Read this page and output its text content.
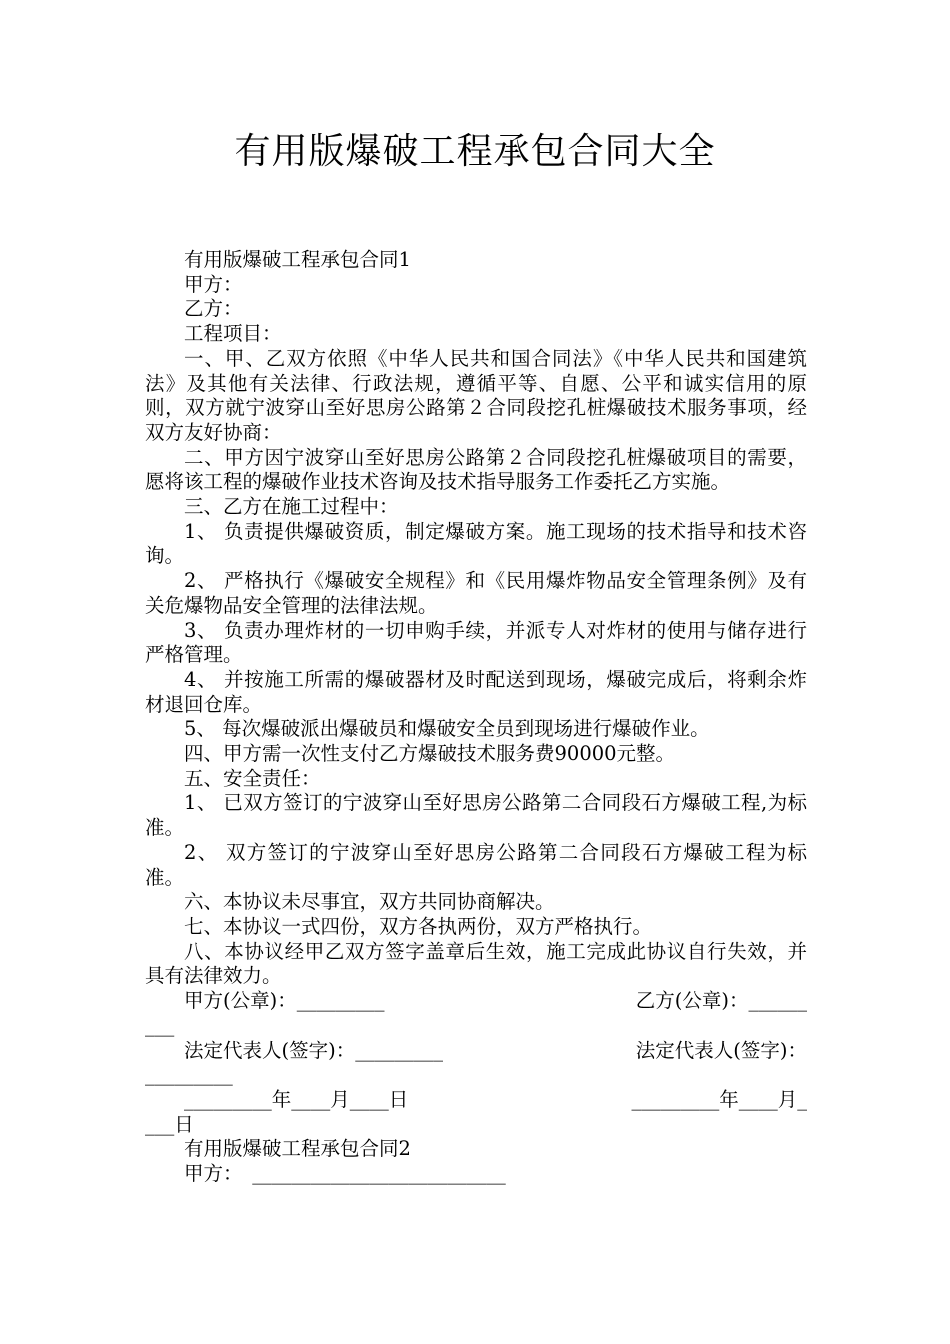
有用版爆破工程承包合同大全

有用版爆破工程承包合同1

甲方：

乙方：

工程项目：

一、甲、乙双方依照《中华人民共和国合同法》《中华人民共和国建筑法》及其他有关法律、行政法规，遵循平等、自愿、公平和诚实信用的原则，双方就宁波穿山至好思房公路第２合同段挖孔桩爆破技术服务事项，经双方友好协商：

二、甲方因宁波穿山至好思房公路第２合同段挖孔桩爆破项目的需要，愿将该工程的爆破作业技术咨询及技术指导服务工作委托乙方实施。

三、乙方在施工过程中：

1、 负责提供爆破资质，制定爆破方案。施工现场的技术指导和技术咨询。

2、 严格执行《爆破安全规程》和《民用爆炸物品安全管理条例》及有关危爆物品安全管理的法律法规。

3、 负责办理炸材的一切申购手续，并派专人对炸材的使用与储存进行严格管理。

4、 并按施工所需的爆破器材及时配送到现场，爆破完成后，将剩余炸材退回仓库。

5、 每次爆破派出爆破员和爆破安全员到现场进行爆破作业。

四、甲方需一次性支付乙方爆破技术服务费90000元整。

五、安全责任：

1、 已双方签订的宁波穿山至好思房公路第二合同段石方爆破工程,为标准。

2、 双方签订的宁波穿山至好思房公路第二合同段石方爆破工程为标准。

六、本协议未尽事宜，双方共同协商解决。

七、本协议一式四份，双方各执两份，双方严格执行。

八、本协议经甲乙双方签字盖章后生效，施工完成此协议自行失效，并具有法律效力。

甲方(公章)：_________	乙方(公章)：______

___

法定代表人(签字)：_________	法定代表人(签字)：

_________

_________年____月____日	_________年____月_

___日

有用版爆破工程承包合同2

甲方：　__________________________
